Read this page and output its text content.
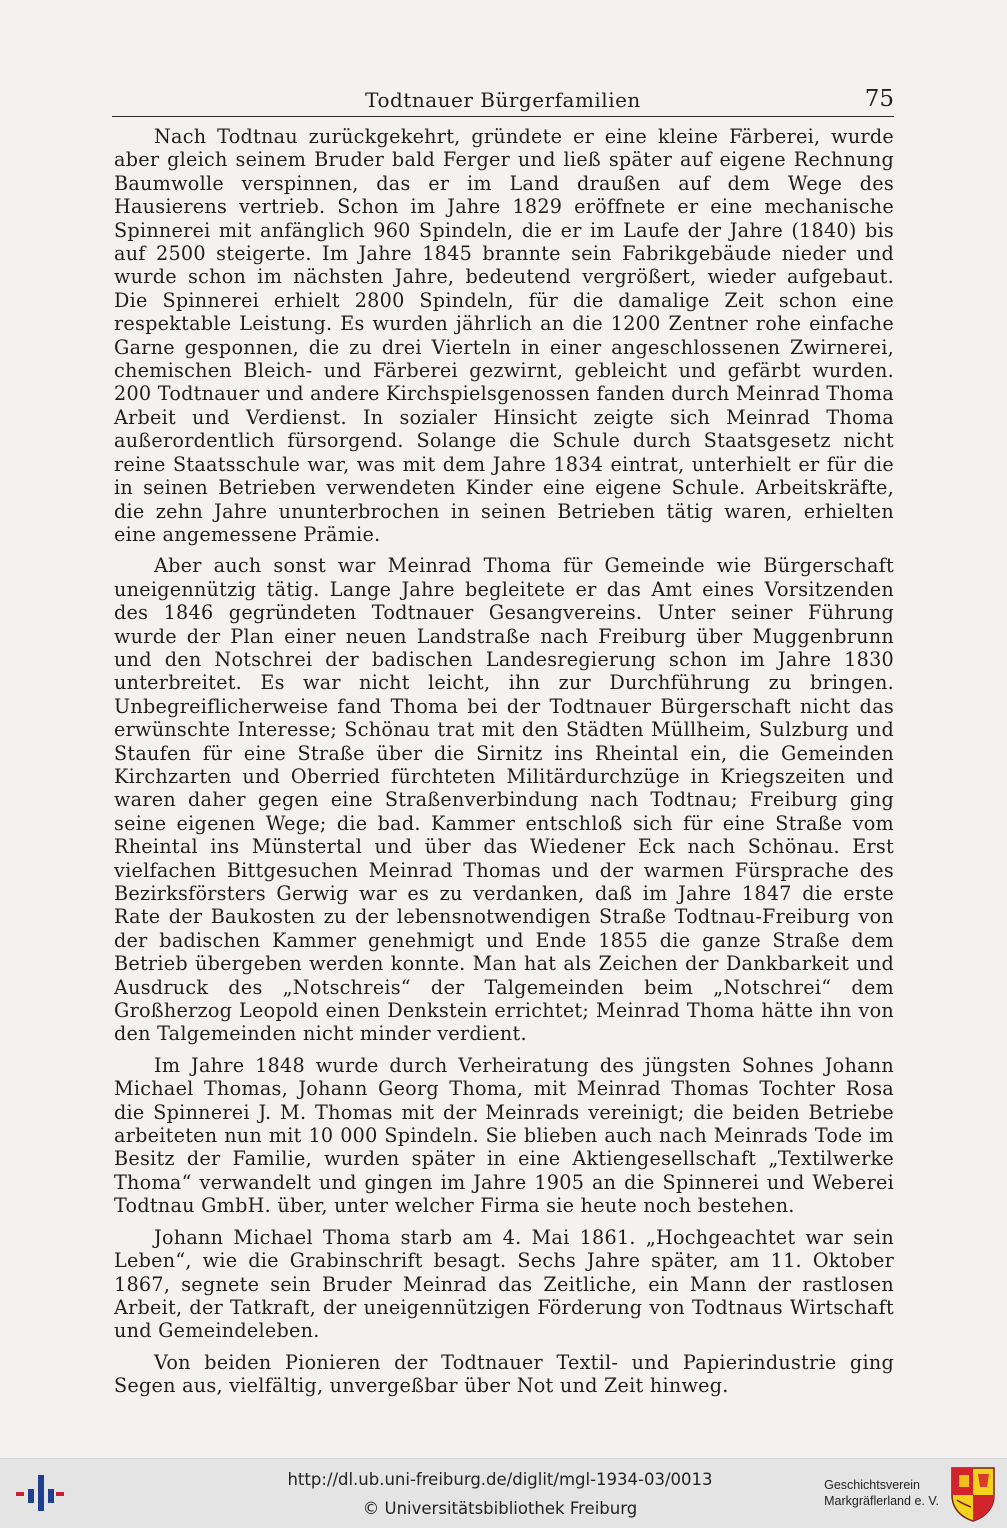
Todtnauer Bürgerfamilien	75

Nach Todtnau zurückgekehrt, gründete er eine kleine Färberei, wurde aber gleich seinem Bruder bald Ferger und ließ später auf eigene Rechnung Baumwolle verspinnen, das er im Land draußen auf dem Wege des Hausierens vertrieb. Schon im Jahre 1829 eröffnete er eine mechanische Spinnerei mit anfänglich 960 Spindeln, die er im Laufe der Jahre (1840) bis auf 2500 steigerte. Im Jahre 1845 brannte sein Fabrikgebäude nieder und wurde schon im nächsten Jahre, bedeutend vergrößert, wieder aufgebaut. Die Spinnerei erhielt 2800 Spindeln, für die damalige Zeit schon eine respektable Leistung. Es wurden jährlich an die 1200 Zentner rohe einfache Garne gesponnen, die zu drei Vierteln in einer angeschlossenen Zwirnerei, chemischen Bleich- und Färberei gezwirnt, gebleicht und gefärbt wurden. 200 Todtnauer und andere Kirchspielsgenossen fanden durch Meinrad Thoma Arbeit und Verdienst. In sozialer Hinsicht zeigte sich Meinrad Thoma außerordentlich fürsorgend. Solange die Schule durch Staatsgesetz nicht reine Staatsschule war, was mit dem Jahre 1834 eintrat, unterhielt er für die in seinen Betrieben verwendeten Kinder eine eigene Schule. Arbeitskräfte, die zehn Jahre ununterbrochen in seinen Betrieben tätig waren, erhielten eine angemessene Prämie.

Aber auch sonst war Meinrad Thoma für Gemeinde wie Bürgerschaft uneigennützig tätig. Lange Jahre begleitete er das Amt eines Vorsitzenden des 1846 gegründeten Todtnauer Gesangvereins. Unter seiner Führung wurde der Plan einer neuen Landstraße nach Freiburg über Muggenbrunn und den Notschrei der badischen Landesregierung schon im Jahre 1830 unterbreitet. Es war nicht leicht, ihn zur Durchführung zu bringen. Unbegreiflicherweise fand Thoma bei der Todtnauer Bürgerschaft nicht das erwünschte Interesse; Schönau trat mit den Städten Müllheim, Sulzburg und Staufen für eine Straße über die Sirnitz ins Rheintal ein, die Gemeinden Kirchzarten und Oberried fürchteten Militärdurchzüge in Kriegszeiten und waren daher gegen eine Straßenverbindung nach Todtnau; Freiburg ging seine eigenen Wege; die bad. Kammer entschloß sich für eine Straße vom Rheintal ins Münstertal und über das Wiedener Eck nach Schönau. Erst vielfachen Bittgesuchen Meinrad Thomas und der warmen Fürsprache des Bezirksförsters Gerwig war es zu verdanken, daß im Jahre 1847 die erste Rate der Baukosten zu der lebensnotwendigen Straße Todtnau-Freiburg von der badischen Kammer genehmigt und Ende 1855 die ganze Straße dem Betrieb übergeben werden konnte. Man hat als Zeichen der Dankbarkeit und Ausdruck des „Notschreis“ der Talgemeinden beim „Notschrei“ dem Großherzog Leopold einen Denkstein errichtet; Meinrad Thoma hätte ihn von den Talgemeinden nicht minder verdient.

Im Jahre 1848 wurde durch Verheiratung des jüngsten Sohnes Johann Michael Thomas, Johann Georg Thoma, mit Meinrad Thomas Tochter Rosa die Spinnerei J. M. Thomas mit der Meinrads vereinigt; die beiden Betriebe arbeiteten nun mit 10 000 Spindeln. Sie blieben auch nach Meinrads Tode im Besitz der Familie, wurden später in eine Aktiengesellschaft „Textilwerke Thoma“ verwandelt und gingen im Jahre 1905 an die Spinnerei und Weberei Todtnau GmbH. über, unter welcher Firma sie heute noch bestehen.

Johann Michael Thoma starb am 4. Mai 1861. „Hochgeachtet war sein Leben“, wie die Grabinschrift besagt. Sechs Jahre später, am 11. Oktober 1867, segnete sein Bruder Meinrad das Zeitliche, ein Mann der rastlosen Arbeit, der Tatkraft, der uneigennützigen Förderung von Todtnaus Wirtschaft und Gemeindeleben.

Von beiden Pionieren der Todtnauer Textil- und Papierindustrie ging Segen aus, vielfältig, unvergeßbar über Not und Zeit hinweg.

http://dl.ub.uni-freiburg.de/diglit/mgl-1934-03/0013
© Universitätsbibliothek Freiburg
Geschichtsverein
Markgräflerland e. V.
